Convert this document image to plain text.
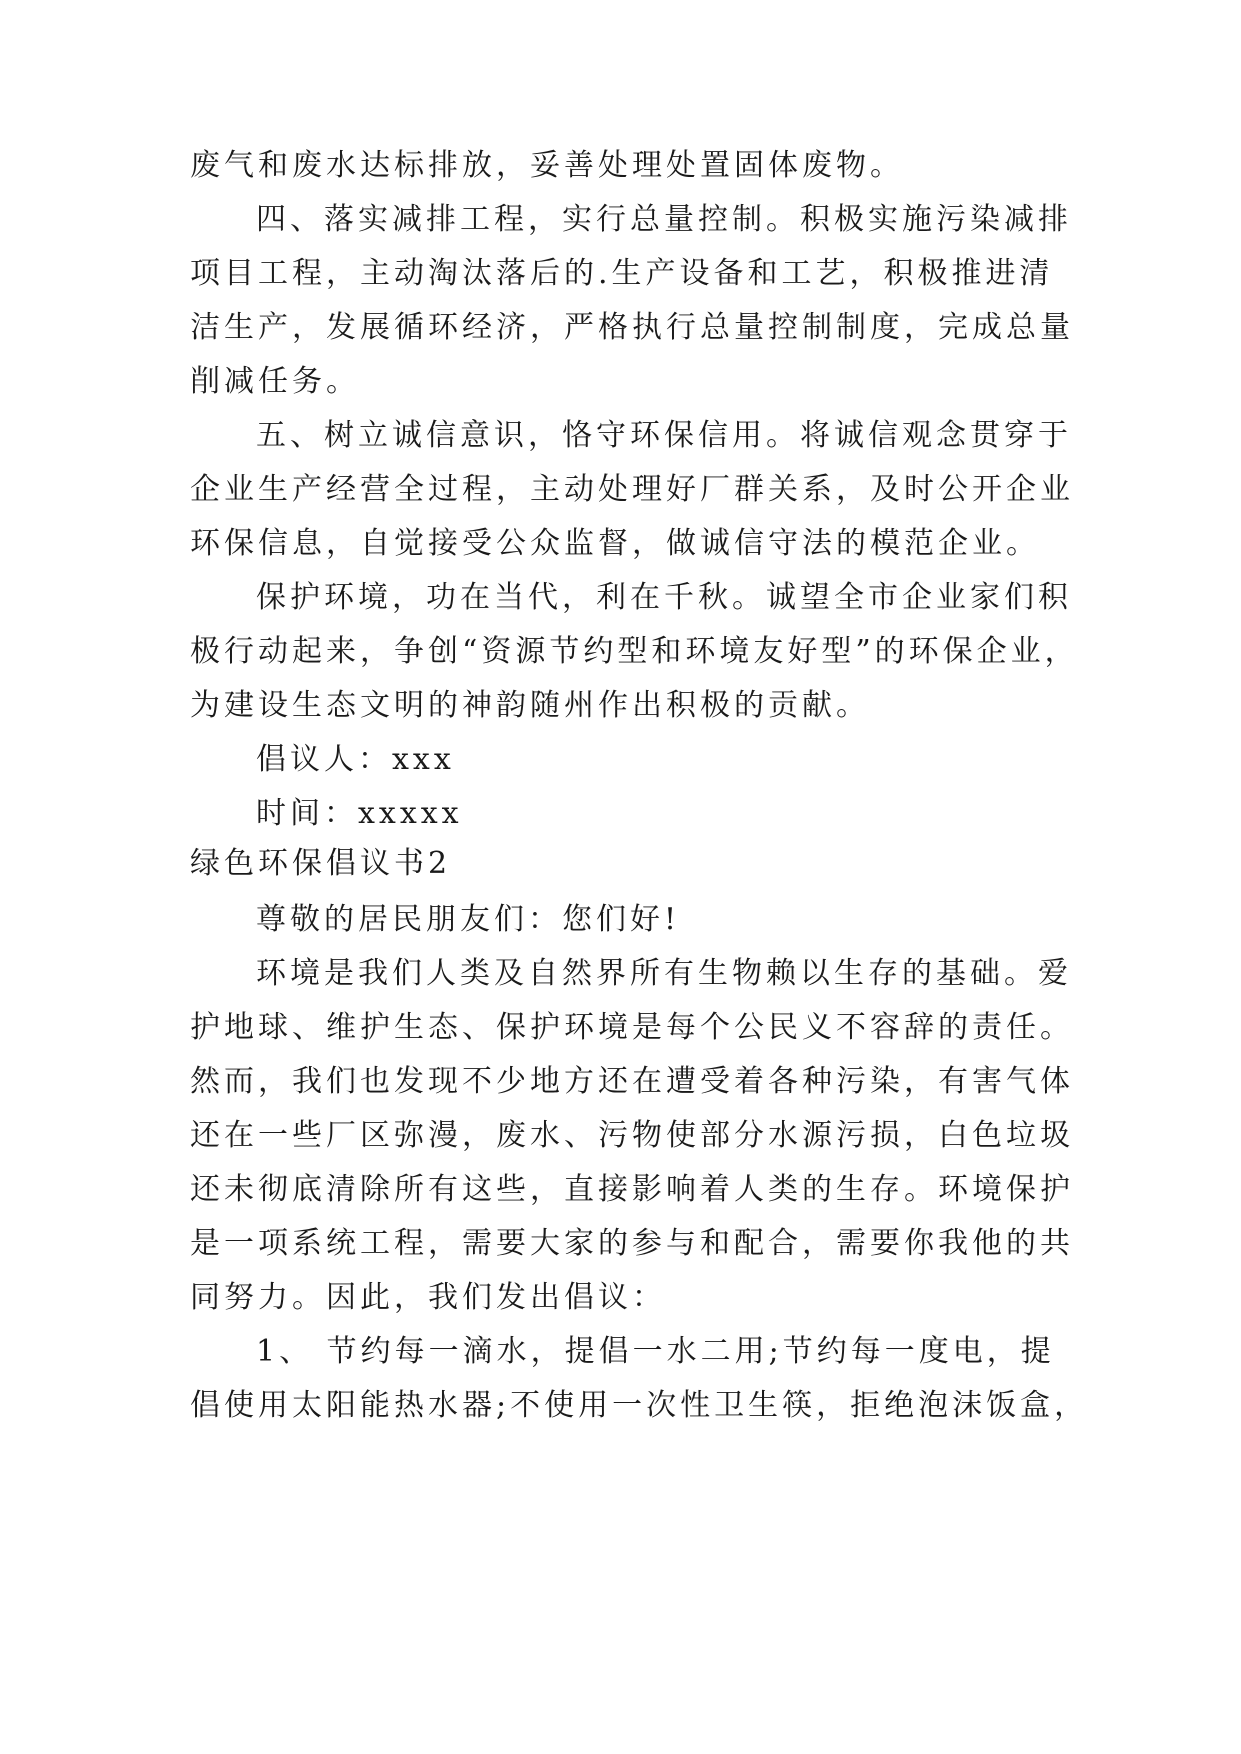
废气和废水达标排放，妥善处理处置固体废物。
四、落实减排工程，实行总量控制。积极实施污染减排
项目工程，主动淘汰落后的.生产设备和工艺，积极推进清
洁生产，发展循环经济，严格执行总量控制制度，完成总量
削减任务。
五、树立诚信意识，恪守环保信用。将诚信观念贯穿于
企业生产经营全过程，主动处理好厂群关系，及时公开企业
环保信息，自觉接受公众监督，做诚信守法的模范企业。
保护环境，功在当代，利在千秋。诚望全市企业家们积
极行动起来，争创“资源节约型和环境友好型”的环保企业，
为建设生态文明的神韵随州作出积极的贡献。
倡议人：xxx
时间：xxxxx
绿色环保倡议书2
尊敬的居民朋友们：您们好!
环境是我们人类及自然界所有生物赖以生存的基础。爱
护地球、维护生态、保护环境是每个公民义不容辞的责任。
然而，我们也发现不少地方还在遭受着各种污染，有害气体
还在一些厂区弥漫，废水、污物使部分水源污损，白色垃圾
还未彻底清除所有这些，直接影响着人类的生存。环境保护
是一项系统工程，需要大家的参与和配合，需要你我他的共
同努力。因此，我们发出倡议：
1、 节约每一滴水，提倡一水二用;节约每一度电，提
倡使用太阳能热水器;不使用一次性卫生筷，拒绝泡沫饭盒，
